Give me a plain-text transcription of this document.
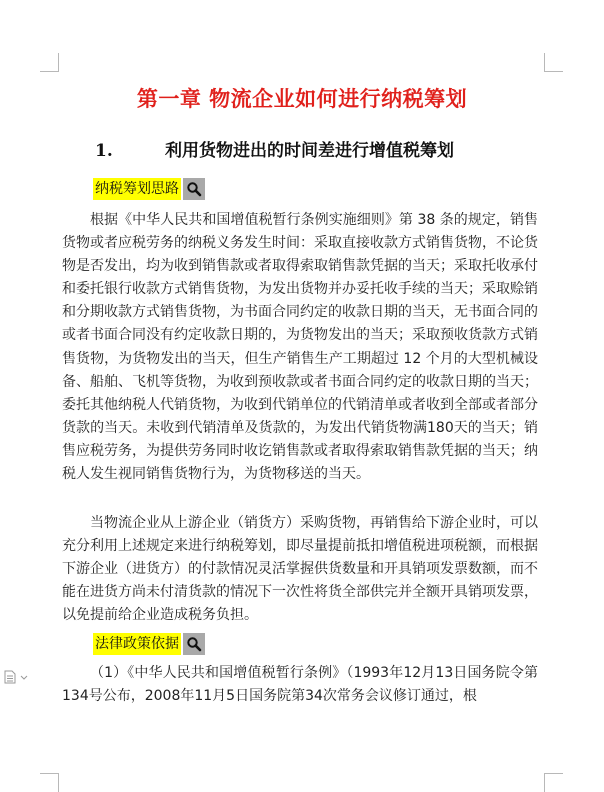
第一章 物流企业如何进行纳税筹划
1.	利用货物进出的时间差进行增值税筹划
纳税筹划思路

根据《中华人民共和国增值税暂行条例实施细则》第 38 条的规定，销售货物或者应税劳务的纳税义务发生时间：采取直接收款方式销售货物，不论货物是否发出，均为收到销售款或者取得索取销售款凭据的当天；采取托收承付和委托银行收款方式销售货物，为发出货物并办妥托收手续的当天；采取赊销和分期收款方式销售货物，为书面合同约定的收款日期的当天，无书面合同的或者书面合同没有约定收款日期的，为货物发出的当天；采取预收货款方式销售货物，为货物发出的当天，但生产销售生产工期超过 12 个月的大型机械设备、船舶、飞机等货物，为收到预收款或者书面合同约定的收款日期的当天；委托其他纳税人代销货物，为收到代销单位的代销清单或者收到全部或者部分货款的当天。未收到代销清单及货款的，为发出代销货物满180天的当天；销售应税劳务，为提供劳务同时收讫销售款或者取得索取销售款凭据的当天；纳税人发生视同销售货物行为，为货物移送的当天。

当物流企业从上游企业（销货方）采购货物，再销售给下游企业时，可以充分利用上述规定来进行纳税筹划，即尽量提前抵扣增值税进项税额，而根据下游企业（进货方）的付款情况灵活掌握供货数量和开具销项发票数额，而不能在进货方尚未付清货款的情况下一次性将货全部供完并全额开具销项发票，以免提前给企业造成税务负担。

法律政策依据

（1）《中华人民共和国增值税暂行条例》（1993年12月13日国务院令第134号公布，2008年11月5日国务院第34次常务会议修订通过，根
